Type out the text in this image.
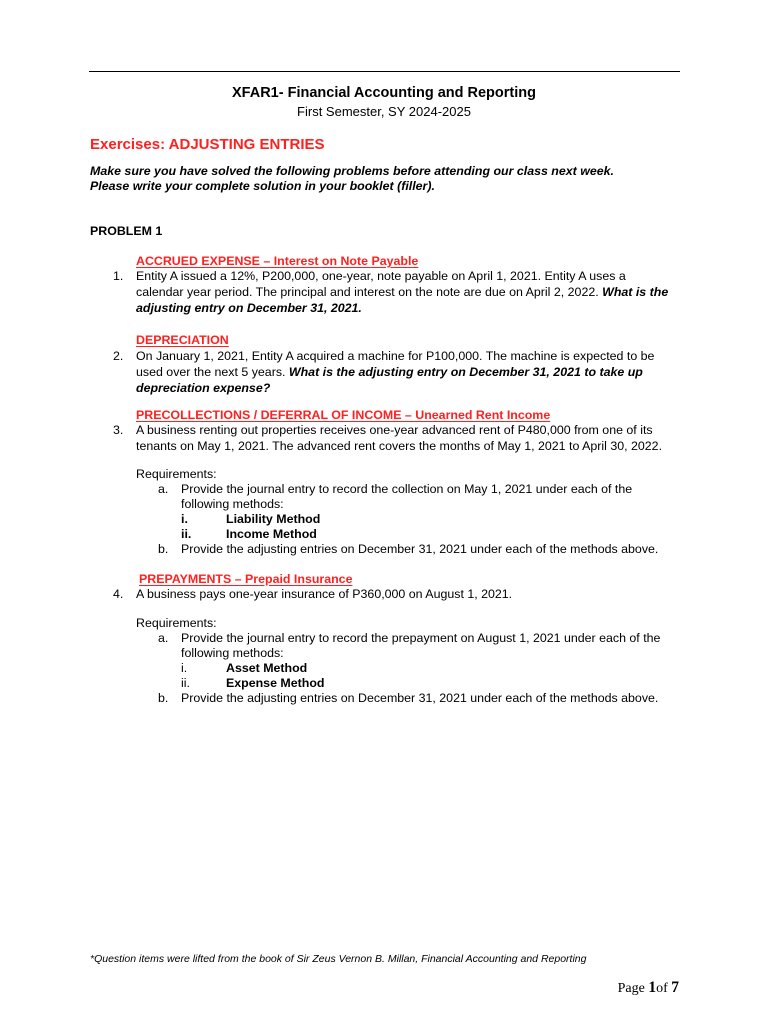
XFAR1- Financial Accounting and Reporting
First Semester, SY 2024-2025
Exercises: ADJUSTING ENTRIES
Make sure you have solved the following problems before attending our class next week.
Please write your complete solution in your booklet (filler).
PROBLEM 1
ACCRUED EXPENSE – Interest on Note Payable
1. Entity A issued a 12%, P200,000, one-year, note payable on April 1, 2021. Entity A uses a
calendar year period. The principal and interest on the note are due on April 2, 2022. What is the
adjusting entry on December 31, 2021.
DEPRECIATION
2. On January 1, 2021, Entity A acquired a machine for P100,000. The machine is expected to be
used over the next 5 years. What is the adjusting entry on December 31, 2021 to take up
depreciation expense?
PRECOLLECTIONS / DEFERRAL OF INCOME – Unearned Rent Income
3. A business renting out properties receives one-year advanced rent of P480,000 from one of its
tenants on May 1, 2021. The advanced rent covers the months of May 1, 2021 to April 30, 2022.
Requirements:
a. Provide the journal entry to record the collection on May 1, 2021 under each of the
following methods:
i.	Liability Method
ii.	Income Method
b. Provide the adjusting entries on December 31, 2021 under each of the methods above.
PREPAYMENTS – Prepaid Insurance
4. A business pays one-year insurance of P360,000 on August 1, 2021.
Requirements:
a. Provide the journal entry to record the prepayment on August 1, 2021 under each of the
following methods:
i.	Asset Method
ii.	Expense Method
b. Provide the adjusting entries on December 31, 2021 under each of the methods above.
*Question items were lifted from the book of Sir Zeus Vernon B. Millan, Financial Accounting and Reporting
Page 1of 7
